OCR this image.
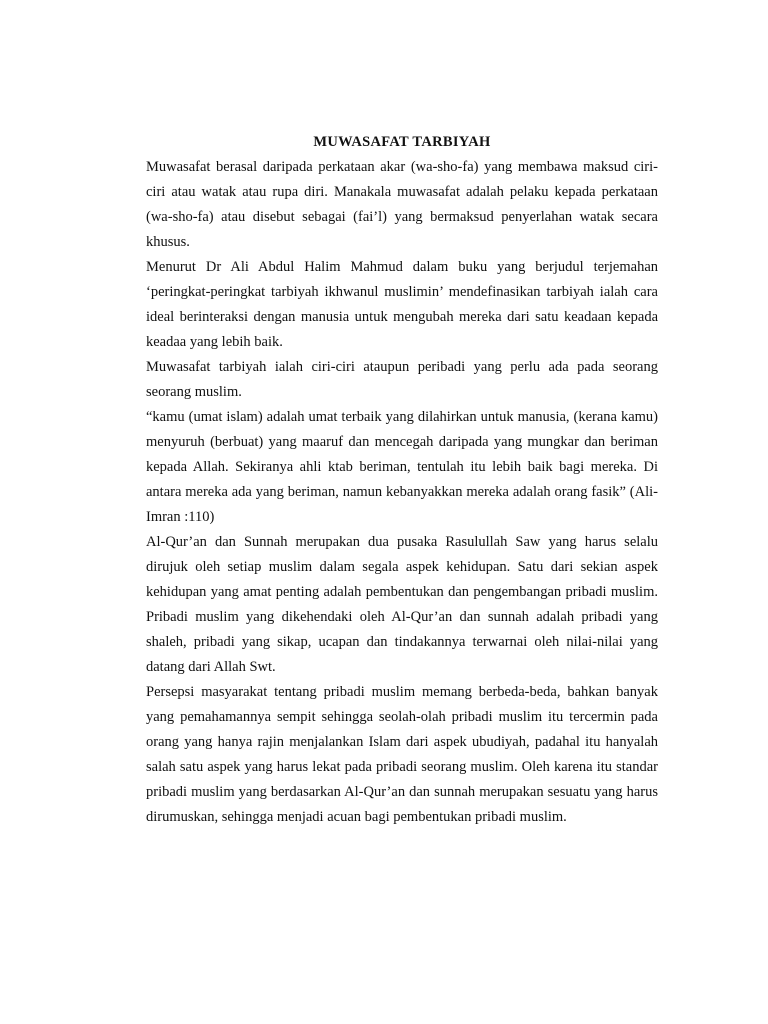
MUWASAFAT TARBIYAH

Muwasafat berasal daripada perkataan akar (wa-sho-fa) yang membawa maksud ciri-ciri atau watak atau rupa diri. Manakala muwasafat adalah pelaku kepada perkataan (wa-sho-fa) atau disebut sebagai (fai’l) yang bermaksud penyerlahan watak secara khusus.

Menurut Dr Ali Abdul Halim Mahmud dalam buku yang berjudul terjemahan ‘peringkat-peringkat tarbiyah ikhwanul muslimin’ mendefinasikan tarbiyah ialah cara ideal berinteraksi dengan manusia untuk mengubah mereka dari satu keadaan kepada keadaa yang lebih baik.

Muwasafat tarbiyah ialah ciri-ciri ataupun peribadi yang perlu ada pada seorang seorang muslim.

“kamu (umat islam) adalah umat terbaik yang dilahirkan untuk manusia, (kerana kamu) menyuruh (berbuat) yang maaruf dan mencegah daripada yang mungkar dan beriman kepada Allah. Sekiranya ahli ktab beriman, tentulah itu lebih baik bagi mereka. Di antara mereka ada yang beriman, namun kebanyakkan mereka adalah orang fasik” (Ali-Imran :110)

Al-Qur’an dan Sunnah merupakan dua pusaka Rasulullah Saw yang harus selalu dirujuk oleh setiap muslim dalam segala aspek kehidupan. Satu dari sekian aspek kehidupan yang amat penting adalah pembentukan dan pengembangan pribadi muslim. Pribadi muslim yang dikehendaki oleh Al-Qur’an dan sunnah adalah pribadi yang shaleh, pribadi yang sikap, ucapan dan tindakannya terwarnai oleh nilai-nilai yang datang dari Allah Swt.

Persepsi masyarakat tentang pribadi muslim memang berbeda-beda, bahkan banyak yang pemahamannya sempit sehingga seolah-olah pribadi muslim itu tercermin pada orang yang hanya rajin menjalankan Islam dari aspek ubudiyah, padahal itu hanyalah salah satu aspek yang harus lekat pada pribadi seorang muslim. Oleh karena itu standar pribadi muslim yang berdasarkan Al-Qur’an dan sunnah merupakan sesuatu yang harus dirumuskan, sehingga menjadi acuan bagi pembentukan pribadi muslim.
